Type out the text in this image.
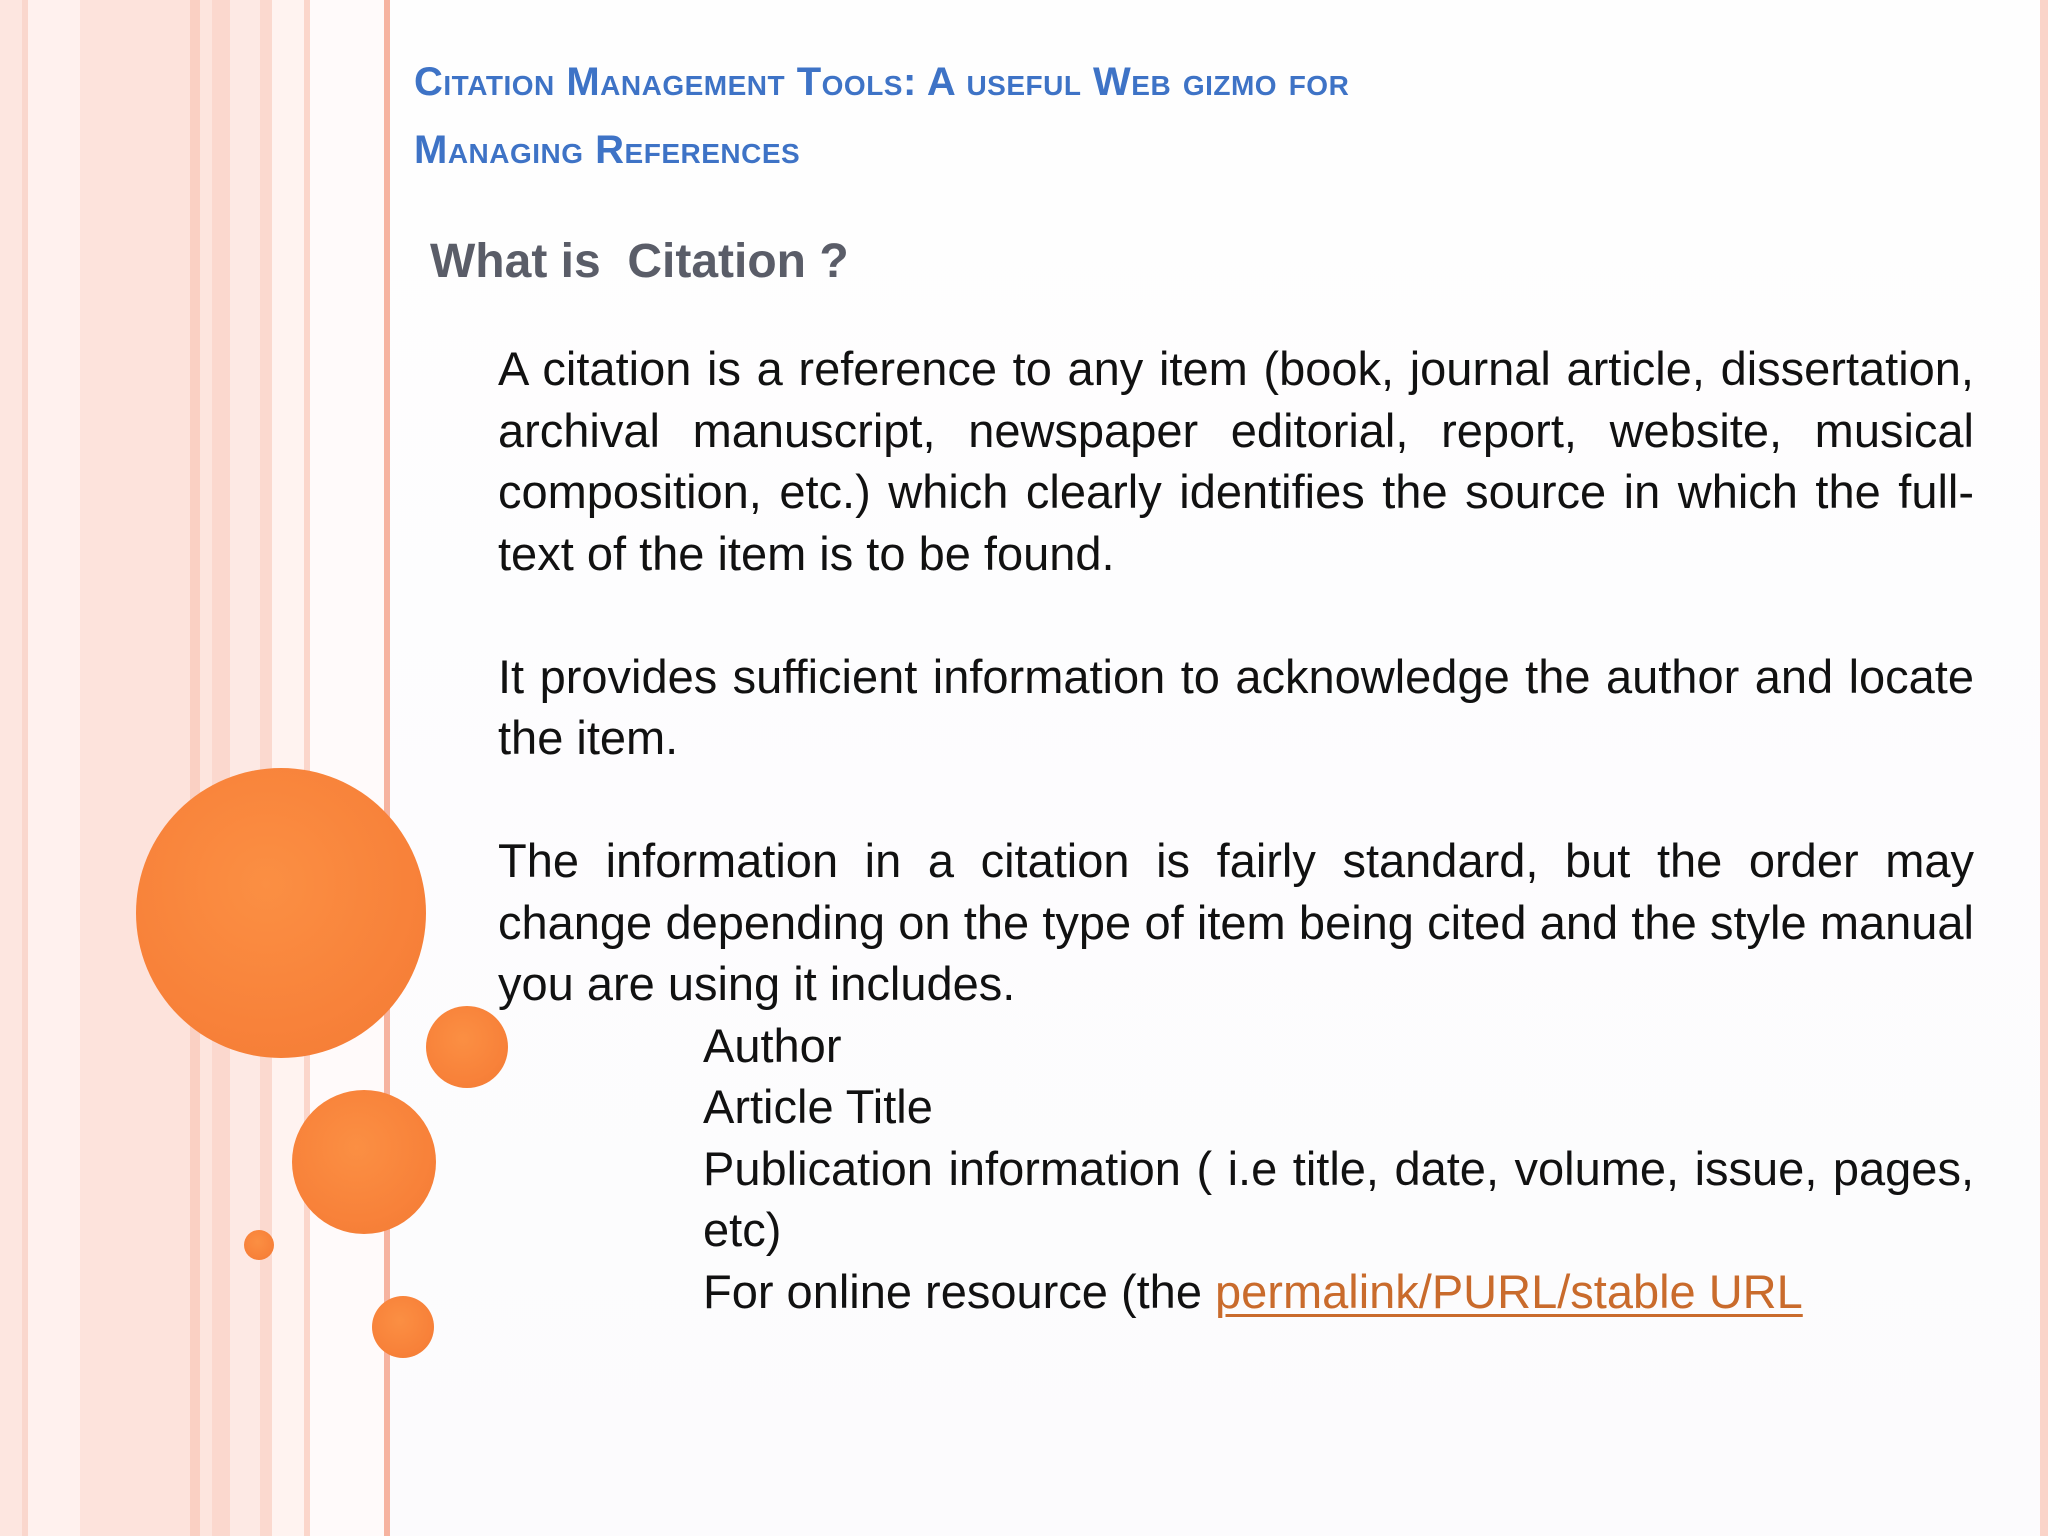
Citation Management Tools: A useful Web gizmo for
Managing References
What is  Citation ?

A citation is a reference to any item (book, journal article, dissertation, archival manuscript, newspaper editorial, report, website, musical composition, etc.) which clearly identifies the source in which the full-text of the item is to be found.

It provides sufficient information to acknowledge the author and locate the item.

The information in a citation is fairly standard, but the order may change depending on the type of item being cited and the style manual you are using it includes.

Author
Article Title
Publication information ( i.e title, date, volume, issue, pages, etc)
For online resource (the permalink/PURL/stable URL
